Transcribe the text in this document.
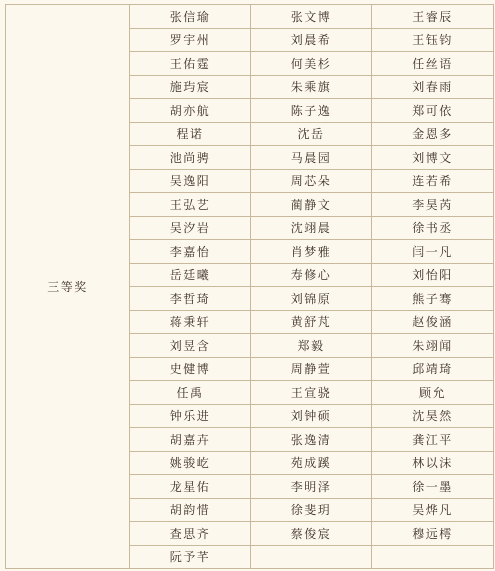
三等奖	张信瑜	张文博	王睿辰
	罗宇州	刘晨希	王钰钧
	王佑霆	何美杉	任丝语
	施玙宸	朱乘旗	刘春雨
	胡亦航	陈子逸	郑可依
	程诺	沈岳	金恩多
	池尚骋	马晨园	刘博文
	吴逸阳	周芯朵	连若希
	王弘艺	蔺静文	李昊芮
	吴汐岩	沈翊晨	徐书丞
	李嘉怡	肖梦雅	闫一凡
	岳廷曦	寿修心	刘怡阳
	李哲琦	刘锦原	熊子骞
	蒋秉轩	黄舒芃	赵俊涵
	刘昱含	郑毅	朱翊闻
	史健博	周静萱	邱靖琦
	任禹	王宣骁	顾允
	钟乐进	刘钟硕	沈昊然
	胡嘉卉	张逸清	龚江平
	姚骏屹	苑成蹊	林以沫
	龙星佑	李明泽	徐一墨
	胡韵惜	徐斐玥	吴烨凡
	查思齐	蔡俊宸	穆远樗
	阮予芊		
